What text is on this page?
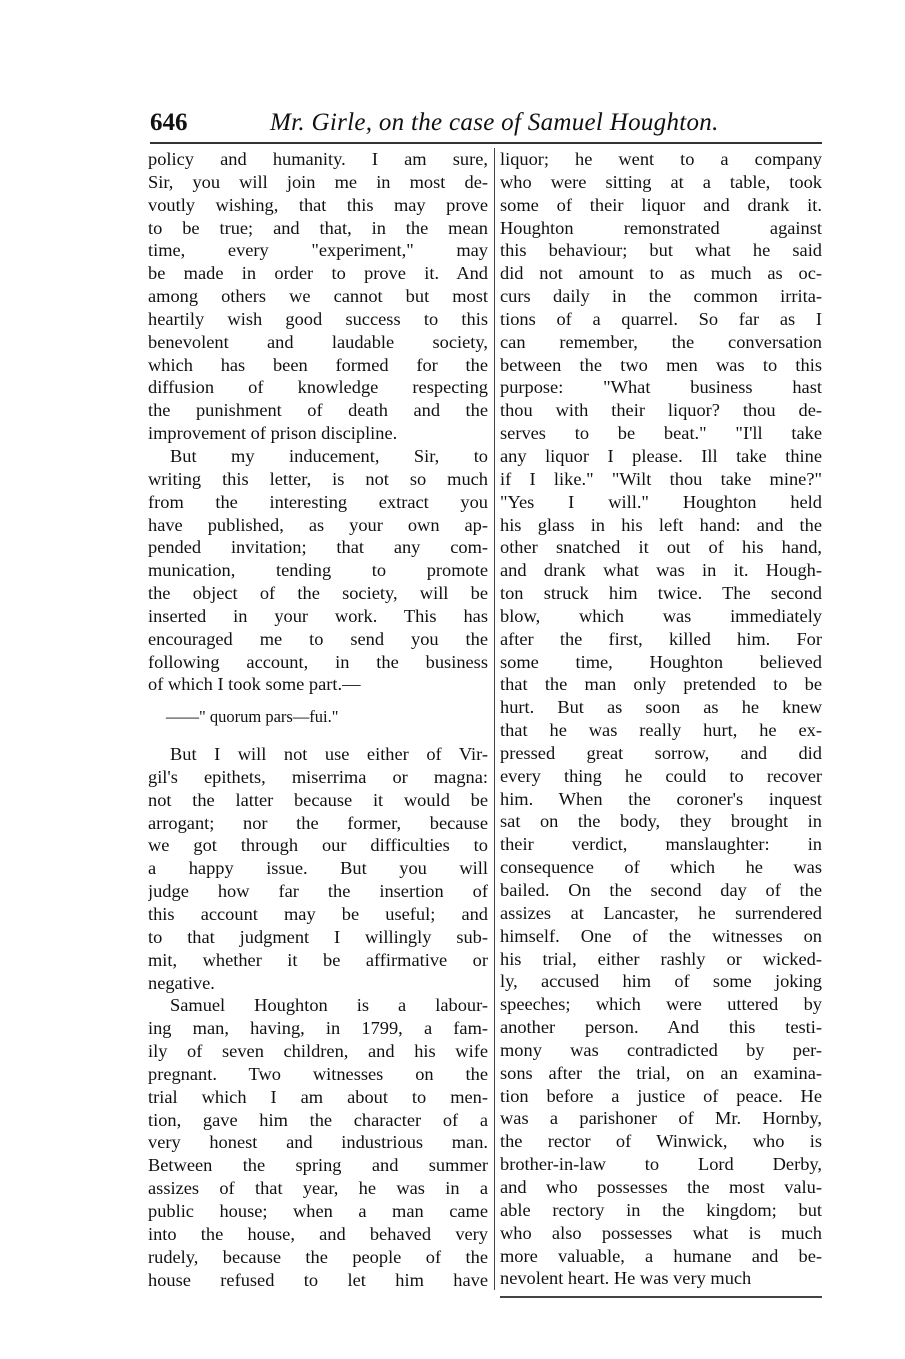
646	Mr. Girle, on the case of Samuel Houghton.
policy and humanity. I am sure,
Sir, you will join me in most de-
voutly wishing, that this may prove
to be true; and that, in the mean
time, every "experiment," may
be made in order to prove it. And
among others we cannot but most
heartily wish good success to this
benevolent and laudable society,
which has been formed for the
diffusion of knowledge respecting
the punishment of death and the
improvement of prison discipline.
But my inducement, Sir, to
writing this letter, is not so much
from the interesting extract you
have published, as your own ap-
pended invitation; that any com-
munication, tending to promote
the object of the society, will be
inserted in your work. This has
encouraged me to send you the
following account, in the business
of which I took some part.—
——" quorum pars—fui."
But I will not use either of Vir-
gil's epithets, miserrima or magna:
not the latter because it would be
arrogant; nor the former, because
we got through our difficulties to
a happy issue. But you will
judge how far the insertion of
this account may be useful; and
to that judgment I willingly sub-
mit, whether it be affirmative or
negative.
Samuel Houghton is a labour-
ing man, having, in 1799, a fam-
ily of seven children, and his wife
pregnant. Two witnesses on the
trial which I am about to men-
tion, gave him the character of a
very honest and industrious man.
Between the spring and summer
assizes of that year, he was in a
public house; when a man came
into the house, and behaved very
rudely, because the people of the
house refused to let him have
liquor; he went to a company
who were sitting at a table, took
some of their liquor and drank it.
Houghton remonstrated against
this behaviour; but what he said
did not amount to as much as oc-
curs daily in the common irrita-
tions of a quarrel. So far as I
can remember, the conversation
between the two men was to this
purpose: "What business hast
thou with their liquor? thou de-
serves to be beat." "I'll take
any liquor I please. Ill take thine
if I like." "Wilt thou take mine?"
"Yes I will." Houghton held
his glass in his left hand: and the
other snatched it out of his hand,
and drank what was in it. Hough-
ton struck him twice. The second
blow, which was immediately
after the first, killed him. For
some time, Houghton believed
that the man only pretended to be
hurt. But as soon as he knew
that he was really hurt, he ex-
pressed great sorrow, and did
every thing he could to recover
him. When the coroner's inquest
sat on the body, they brought in
their verdict, manslaughter: in
consequence of which he was
bailed. On the second day of the
assizes at Lancaster, he surrendered
himself. One of the witnesses on
his trial, either rashly or wicked-
ly, accused him of some joking
speeches; which were uttered by
another person. And this testi-
mony was contradicted by per-
sons after the trial, on an examina-
tion before a justice of peace. He
was a parishoner of Mr. Hornby,
the rector of Winwick, who is
brother-in-law to Lord Derby,
and who possesses the most valu-
able rectory in the kingdom; but
who also possesses what is much
more valuable, a humane and be-
nevolent heart. He was very much
